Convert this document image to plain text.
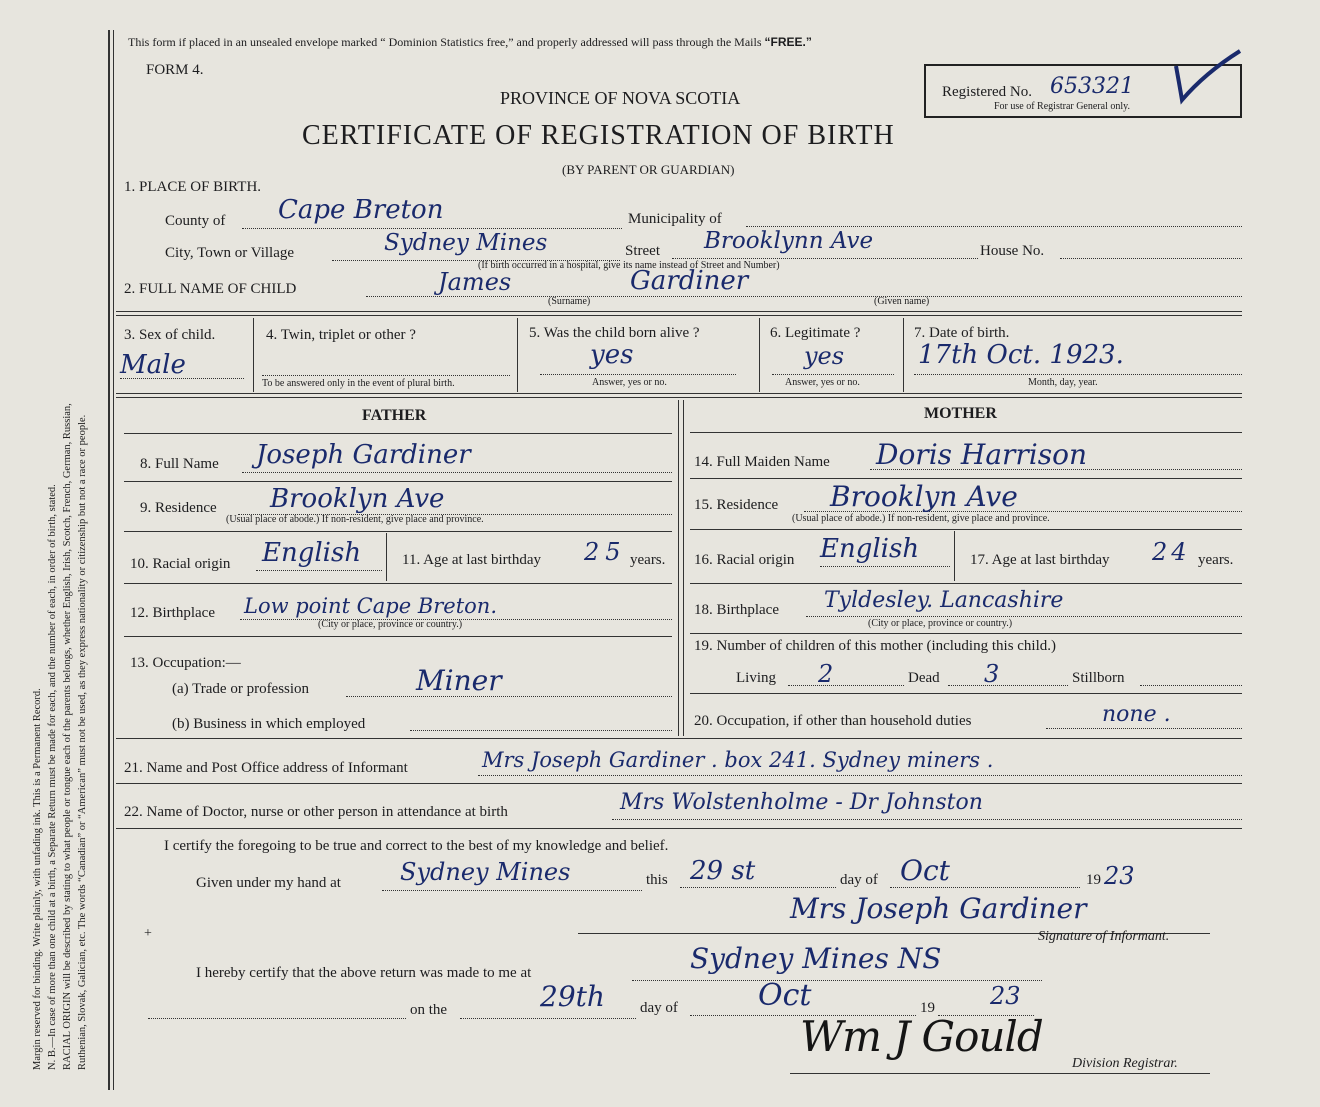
Margin reserved for binding. Write plainly, with unfading ink. This is a Permanent Record. N. B.—In case of more than one child at a birth, a Separate Return must be made for each, and the number of each, in order of birth, stated. RACIAL ORIGIN will be described by stating to what people or tongue each of the parents belongs, whether English, Irish, Scotch, French, German, Russian, Ruthenian, Slovak, Galician, etc. The words “Canadian” or “American” must not be used, as they express nationality or citizenship but not a race or people.
This form if placed in an unsealed envelope marked “ Dominion Statistics free,” and properly addressed will pass through the Mails “FREE.”
FORM 4.
PROVINCE OF NOVA SCOTIA
CERTIFICATE OF REGISTRATION OF BIRTH
(BY PARENT OR GUARDIAN)
Registered No. 653321
For use of Registrar General only.
1. PLACE OF BIRTH.
County of Cape Breton	Municipality of
City, Town or Village	Sydney Mines	Street Brooklynn Ave	House No.
(If birth occurred in a hospital, give its name instead of Street and Number)
2. FULL NAME OF CHILD	James
(Surname)
Gardiner
(Given name)
3. Sex of child.
Male
4. Twin, triplet or other ?
To be answered only in the event of plural birth.
5. Was the child born alive ?
yes
Answer, yes or no.
6. Legitimate ?
yes
Answer, yes or no.
7. Date of birth.
17th Oct. 1923.
Month, day, year.
FATHER	MOTHER
8. Full Name Joseph Gardiner
9. Residence Brooklyn Ave
(Usual place of abode.) If non-resident, give place and province.
10. Racial origin English	11. Age at last birthday 25 years.
12. Birthplace Low point Cape Breton.
(City or place, province or country.)
13. Occupation:—
(a) Trade or profession	Miner
(b) Business in which employed
14. Full Maiden Name Doris Harrison
15. Residence Brooklyn Ave
(Usual place of abode.) If non-resident, give place and province.
16. Racial origin English	17. Age at last birthday 24 years.
18. Birthplace Tyldesley. Lancashire
(City or place, province or country.)
19. Number of children of this mother (including this child.)
Living 2	Dead 3	Stillborn
20. Occupation, if other than household duties	none .
21. Name and Post Office address of Informant	Mrs Joseph Gardiner . box 241. Sydney miners .
22. Name of Doctor, nurse or other person in attendance at birth	Mrs Wolstenholme - Dr Johnston
I certify the foregoing to be true and correct to the best of my knowledge and belief.
Given under my hand at Sydney Mines	this 29 st	day of Oct	19 23
Mrs Joseph Gardiner
Signature of Informant.
+
I hereby certify that the above return was made to me at	Sydney Mines NS
on the	29th day of	Oct	19 23
Wm J Gould
Division Registrar.
